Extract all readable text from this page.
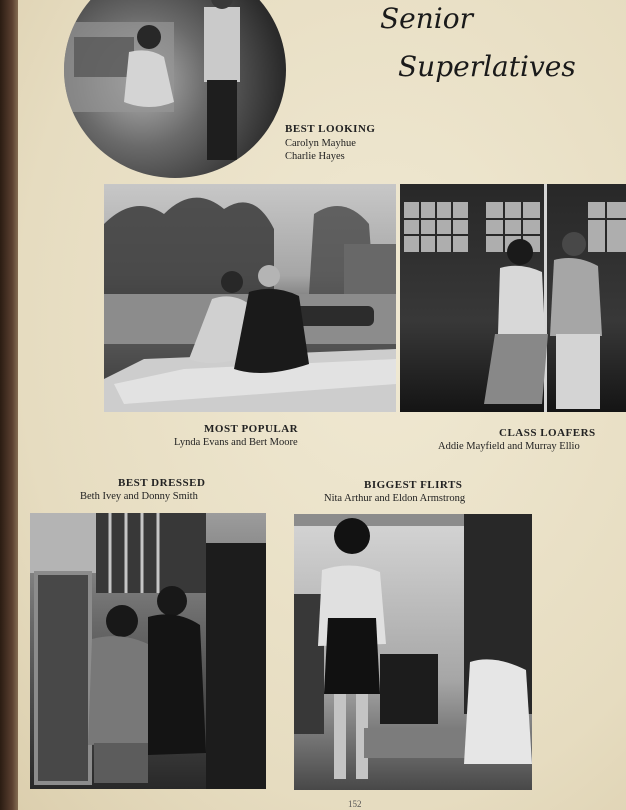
Senior
Superlatives
BEST LOOKING
Carolyn Mayhue
Charlie Hayes
MOST POPULAR
Lynda Evans and Bert Moore
CLASS LOAFERS
Addie Mayfield and Murray Ellio
BEST DRESSED
Beth Ivey and Donny Smith
BIGGEST FLIRTS
Nita Arthur and Eldon Armstrong
152
